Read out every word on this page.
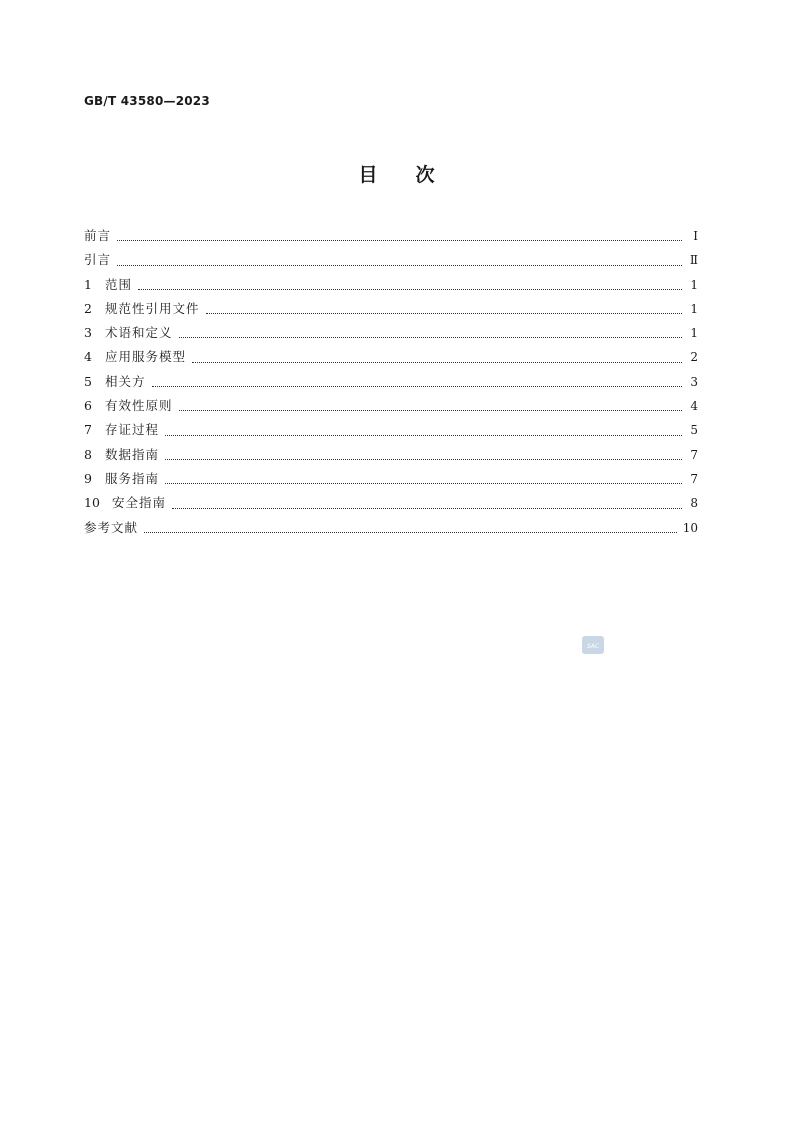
GB/T 43580—2023
目次
前言	Ⅰ
引言	Ⅱ
1	范围	1
2	规范性引用文件	1
3	术语和定义	1
4	应用服务模型	2
5	相关方	3
6	有效性原则	4
7	存证过程	5
8	数据指南	7
9	服务指南	7
10 安全指南	8
参考文献	10
SAC
